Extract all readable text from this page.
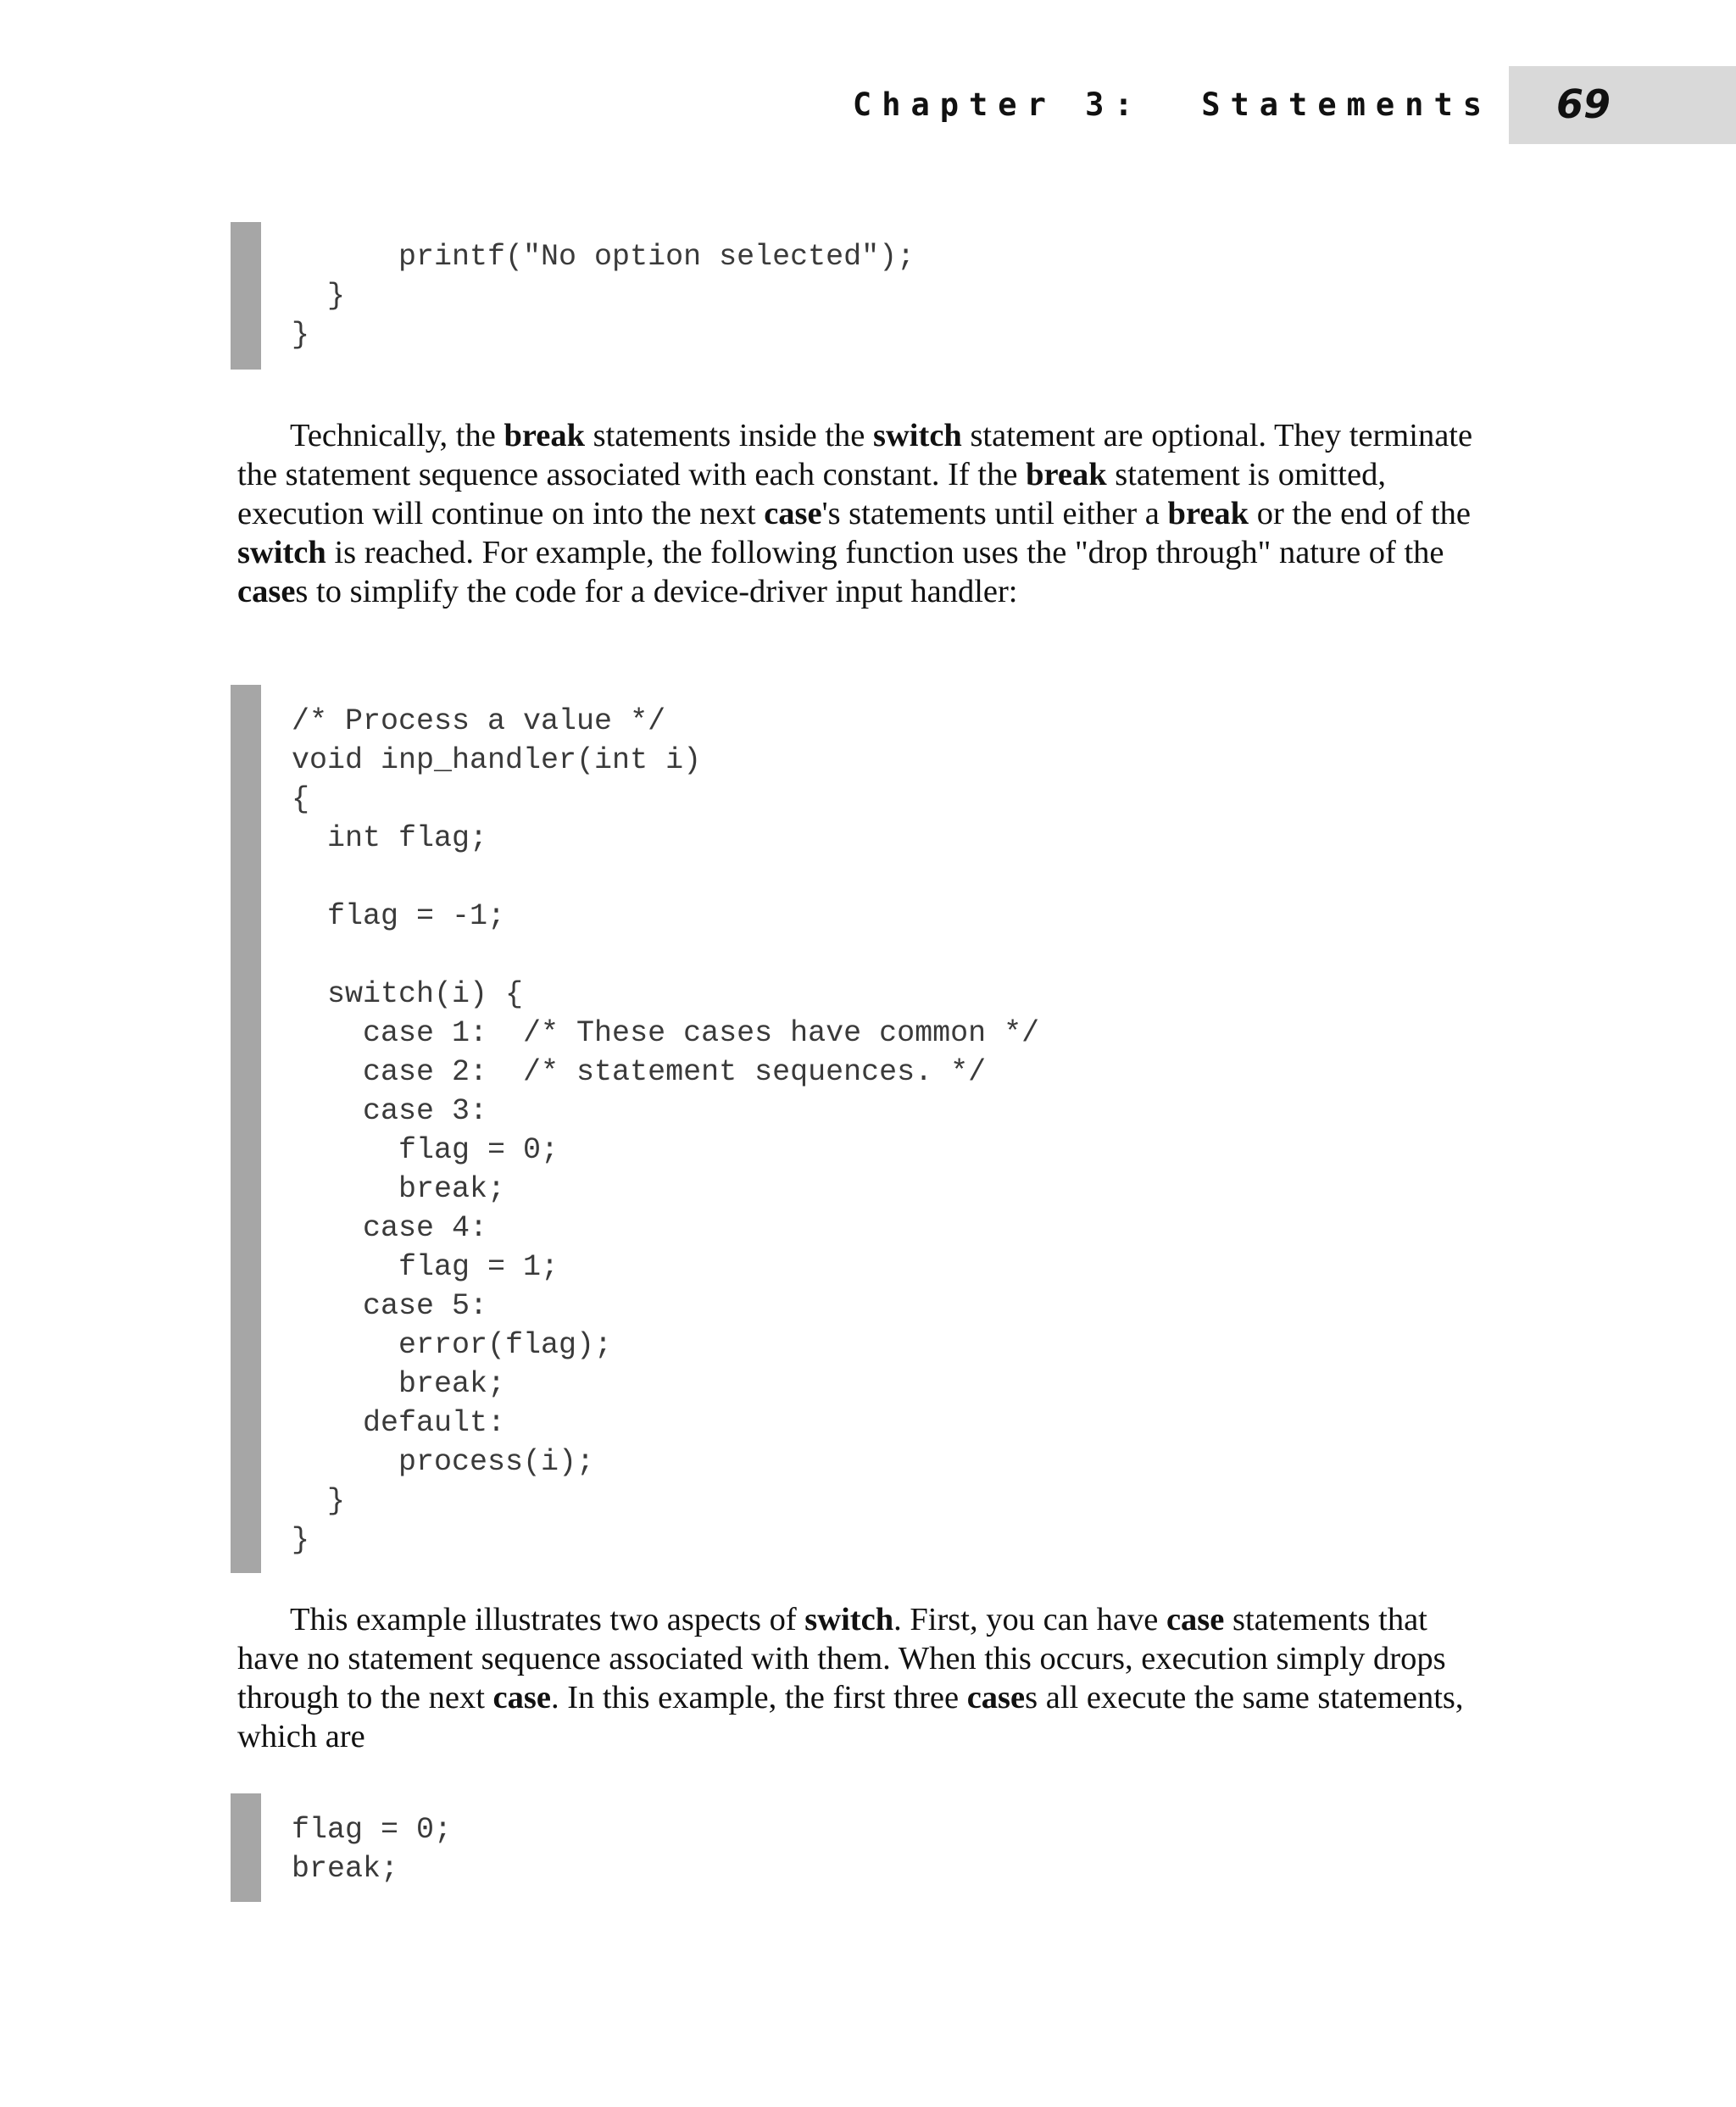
Chapter 3:  Statements 69
printf("No option selected");
}
}

Technically, the break statements inside the switch statement are optional. They terminate the statement sequence associated with each constant. If the break statement is omitted, execution will continue on into the next case's statements until either a break or the end of the switch is reached. For example, the following function uses the "drop through" nature of the cases to simplify the code for a device-driver input handler:

/* Process a value */
void inp_handler(int i)
{
int flag;

flag = -1;

switch(i) {
case 1:  /* These cases have common */
case 2:  /* statement sequences. */
case 3:
flag = 0;
break;
case 4:
flag = 1;
case 5:
error(flag);
break;
default:
process(i);
}
}

This example illustrates two aspects of switch. First, you can have case statements that have no statement sequence associated with them. When this occurs, execution simply drops through to the next case. In this example, the first three cases all execute the same statements, which are

flag = 0;
break;
